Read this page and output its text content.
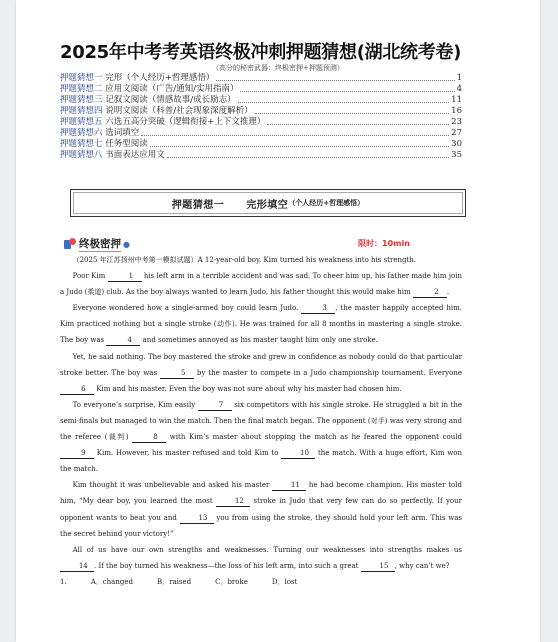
2025年中考考英语终极冲刺押题猜想(湖北统考卷)
（高分的秘密武器：终极密押+押题预测）
押题猜想一 完形（个人经历+哲理感悟）	1
押题猜想二 应用文阅读（广告/通知/实用指南）	4
押题猜想三 记叙文阅读（情感故事/成长励志）	11
押题猜想四 说明文阅读（科普/社会现象深度解析）	16
押题猜想五 六选五高分突破（逻辑衔接+上下文推理）	23
押题猜想六 选词填空	27
押题猜想七 任务型阅读	30
押题猜想八 书面表达应用文	35
押题猜想一 完形填空 （个人经历+哲理感悟）
终极密押 ●	限时：10min

（2025 年江苏扬州中考第一模拟试题）A 12-year-old boy, Kim turned his weakness into his strength.

Poor Kim	1 his left arm in a terrible accident and was sad. To cheer him up, his father made him join a Judo (柔道) club. As the boy always wanted to learn Judo, his father thought this would make him	2 .

Everyone wondered how a single-armed boy could learn Judo.	3 , the master happily accepted him. Kim practiced nothing but a single stroke (动作). He was trained for all 8 months in mastering a single stroke. The boy was	4 and sometimes annoyed as his master taught him only one stroke.

Yet, he said nothing. The boy mastered the stroke and grew in confidence as nobody could do that particular stroke better. The boy was	5 by the master to compete in a Judo championship tournament. Everyone 6 Kim and his master. Even the boy was not sure about why his master had chosen him.

To everyone’s surprise, Kim easily	7 six competitors with his single stroke. He struggled a bit in the semi-finals but managed to win the match. Then the final match began. The opponent (对手) was very strong and the referee (裁判)	8 with Kim’s master about stopping the match as he feared the opponent could 9 Kim. However, his master refused and told Kim to	10 the match. With a huge effort, Kim won the match.

Kim thought it was unbelievable and asked his master	11 he had become champion. His master told him, “My dear boy, you learned the most	12 stroke in Judo that very few can do so perfectly. If your opponent wants to beat you and	13 you from using the stroke, they should hold your left arm. This was the secret behind your victory!”

All of us have our own strengths and weaknesses. Turning our weaknesses into strengths makes us 14 . If the boy turned his weakness—the loss of his left arm, into such a great	15 , why can’t we?

1.	A．changed	B．raised	C．broke	D．lost
